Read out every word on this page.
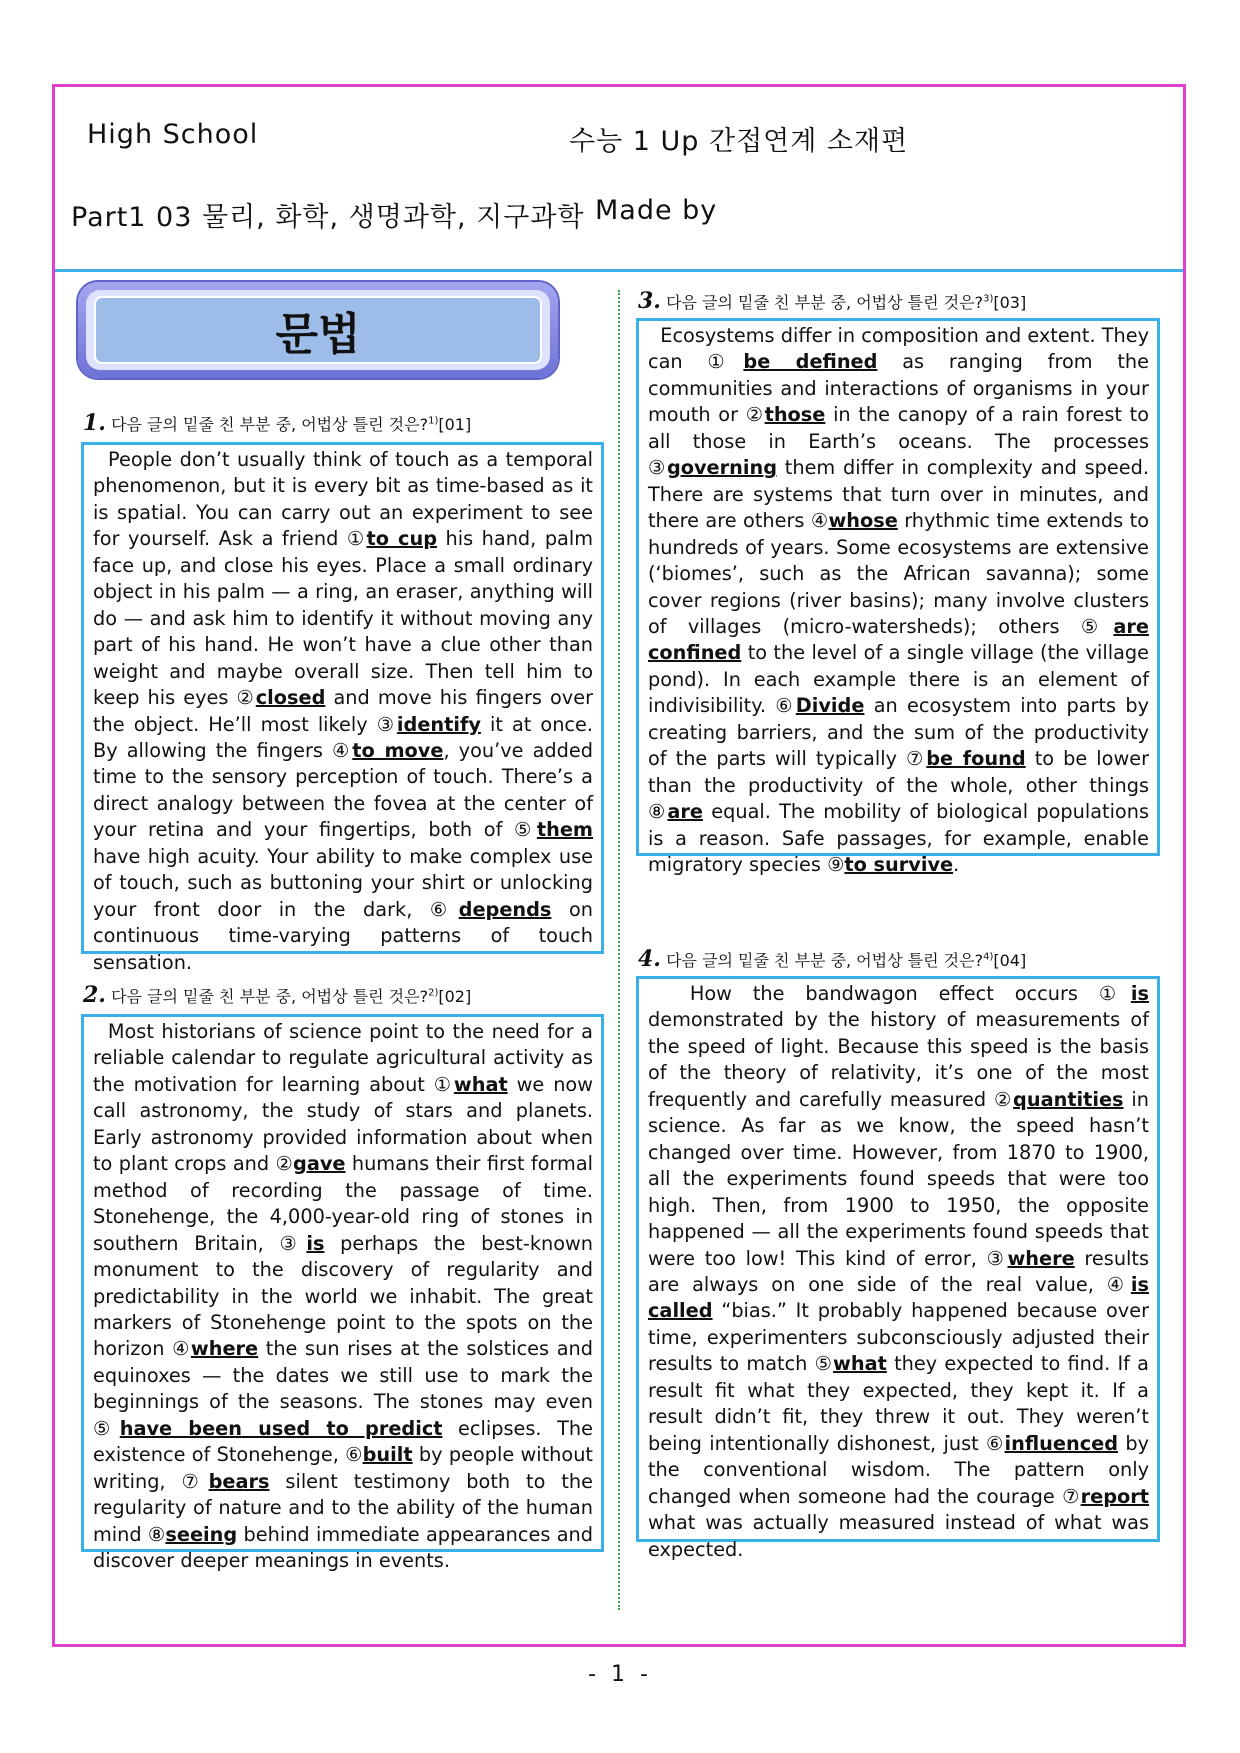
High School	수능 1 Up 간접연계 소재편
Part1 03 물리, 화학, 생명과학, 지구과학 Made by
문법
1. 다음 글의 밑줄 친 부분 중, 어법상 틀린 것은?$^{1)}$[01]
People don’t usually think of touch as a temporal phenomenon, but it is every bit as time-based as it is spatial. You can carry out an experiment to see for yourself. Ask a friend ①to cup his hand, palm face up, and close his eyes. Place a small ordinary object in his palm — a ring, an eraser, anything will do — and ask him to identify it without moving any part of his hand. He won’t have a clue other than weight and maybe overall size. Then tell him to keep his eyes ②closed and move his fingers over the object. He’ll most likely ③identify it at once. By allowing the fingers ④to move, you’ve added time to the sensory perception of touch. There’s a direct analogy between the fovea at the center of your retina and your fingertips, both of ⑤them have high acuity. Your ability to make complex use of touch, such as buttoning your shirt or unlocking your front door in the dark, ⑥depends on continuous time-varying patterns of touch sensation.
2. 다음 글의 밑줄 친 부분 중, 어법상 틀린 것은?$^{2)}$[02]
Most historians of science point to the need for a reliable calendar to regulate agricultural activity as the motivation for learning about ①what we now call astronomy, the study of stars and planets. Early astronomy provided information about when to plant crops and ②gave humans their first formal method of recording the passage of time. Stonehenge, the 4,000-year-old ring of stones in southern Britain, ③is perhaps the best-known monument to the discovery of regularity and predictability in the world we inhabit. The great markers of Stonehenge point to the spots on the horizon ④where the sun rises at the solstices and equinoxes — the dates we still use to mark the beginnings of the seasons. The stones may even ⑤have been used to predict eclipses. The existence of Stonehenge, ⑥built by people without writing, ⑦bears silent testimony both to the regularity of nature and to the ability of the human mind ⑧seeing behind immediate appearances and discover deeper meanings in events.
3. 다음 글의 밑줄 친 부분 중, 어법상 틀린 것은?$^{3)}$[03]
Ecosystems differ in composition and extent. They can ①be defined as ranging from the communities and interactions of organisms in your mouth or ②those in the canopy of a rain forest to all those in Earth’s oceans. The processes ③governing them differ in complexity and speed. There are systems that turn over in minutes, and there are others ④whose rhythmic time extends to hundreds of years. Some ecosystems are extensive (‘biomes’, such as the African savanna); some cover regions (river basins); many involve clusters of villages (micro-watersheds); others ⑤are confined to the level of a single village (the village pond). In each example there is an element of indivisibility. ⑥Divide an ecosystem into parts by creating barriers, and the sum of the productivity of the parts will typically ⑦be found to be lower than the productivity of the whole, other things ⑧are equal. The mobility of biological populations is a reason. Safe passages, for example, enable migratory species ⑨to survive.
4. 다음 글의 밑줄 친 부분 중, 어법상 틀린 것은?$^{4)}$[04]
How the bandwagon effect occurs ①is demonstrated by the history of measurements of the speed of light. Because this speed is the basis of the theory of relativity, it’s one of the most frequently and carefully measured ②quantities in science. As far as we know, the speed hasn’t changed over time. However, from 1870 to 1900, all the experiments found speeds that were too high. Then, from 1900 to 1950, the opposite happened — all the experiments found speeds that were too low! This kind of error, ③where results are always on one side of the real value, ④is called “bias.” It probably happened because over time, experimenters subconsciously adjusted their results to match ⑤what they expected to find. If a result fit what they expected, they kept it. If a result didn’t fit, they threw it out. They weren’t being intentionally dishonest, just ⑥influenced by the conventional wisdom. The pattern only changed when someone had the courage ⑦report what was actually measured instead of what was expected.
- 1 -
